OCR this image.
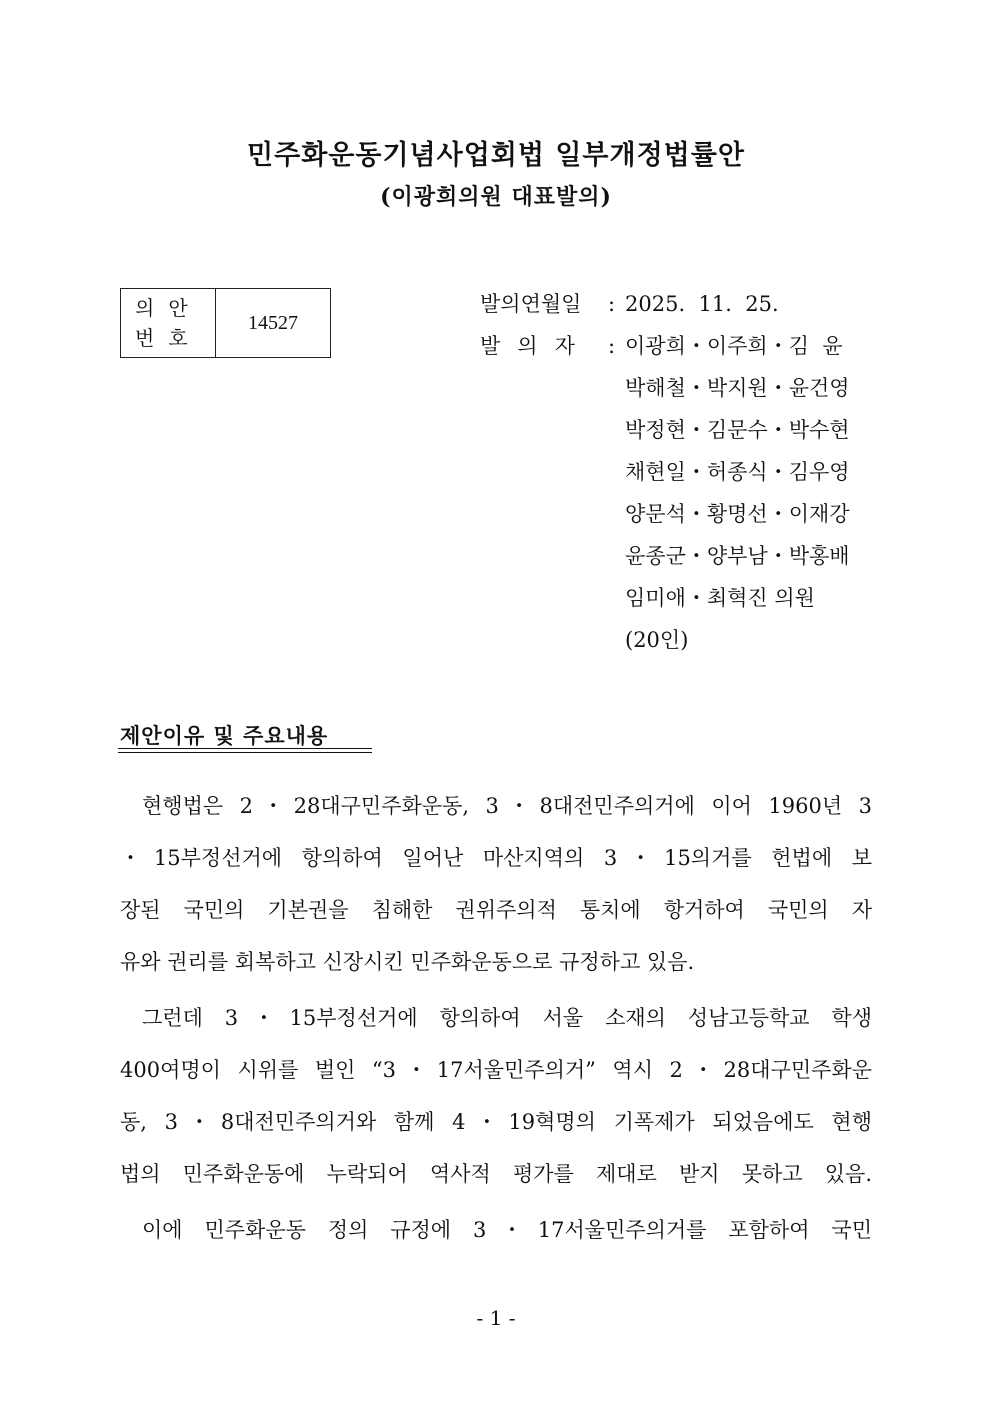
민주화운동기념사업회법 일부개정법률안
(이광희의원 대표발의)
의안
번호
14527
발의연월일	: 2025.  11.  25.
발의자 : 이광희・이주희・김  윤
박해철・박지원・윤건영
박정현・김문수・박수현
채현일・허종식・김우영
양문석・황명선・이재강
윤종군・양부남・박홍배
임미애・최혁진 의원
(20인)
제안이유 및 주요내용
현행법은 2・28대구민주화운동, 3・8대전민주의거에 이어 1960년 3
・15부정선거에 항의하여 일어난 마산지역의 3・15의거를 헌법에 보
장된 국민의 기본권을 침해한 권위주의적 통치에 항거하여 국민의 자
유와 권리를 회복하고 신장시킨 민주화운동으로 규정하고 있음.
그런데 3・15부정선거에 항의하여 서울 소재의 성남고등학교 학생
400여명이 시위를 벌인 “3・17서울민주의거” 역시 2・28대구민주화운
동, 3・8대전민주의거와 함께 4・19혁명의 기폭제가 되었음에도 현행
법의 민주화운동에 누락되어 역사적 평가를 제대로 받지 못하고 있음.
이에 민주화운동 정의 규정에 3・17서울민주의거를 포함하여 국민
- 1 -
